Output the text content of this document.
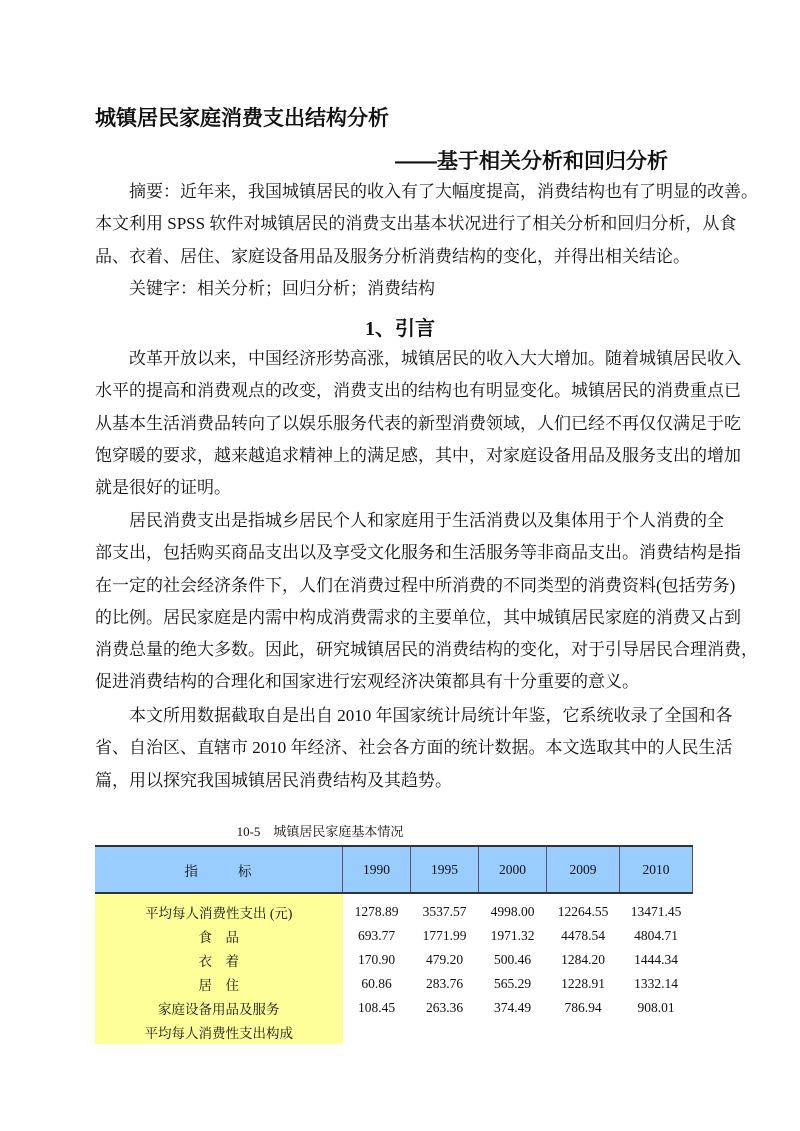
城镇居民家庭消费支出结构分析
——基于相关分析和回归分析
摘要：近年来，我国城镇居民的收入有了大幅度提高，消费结构也有了明显的改善。
本文利用 SPSS 软件对城镇居民的消费支出基本状况进行了相关分析和回归分析，从食
品、衣着、居住、家庭设备用品及服务分析消费结构的变化，并得出相关结论。
关键字：相关分析；回归分析；消费结构
1、引言
改革开放以来，中国经济形势高涨，城镇居民的收入大大增加。随着城镇居民收入
水平的提高和消费观点的改变，消费支出的结构也有明显变化。城镇居民的消费重点已
从基本生活消费品转向了以娱乐服务代表的新型消费领域，人们已经不再仅仅满足于吃
饱穿暖的要求，越来越追求精神上的满足感，其中，对家庭设备用品及服务支出的增加
就是很好的证明。
居民消费支出是指城乡居民个人和家庭用于生活消费以及集体用于个人消费的全
部支出，包括购买商品支出以及享受文化服务和生活服务等非商品支出。消费结构是指
在一定的社会经济条件下，人们在消费过程中所消费的不同类型的消费资料(包括劳务)
的比例。居民家庭是内需中构成消费需求的主要单位，其中城镇居民家庭的消费又占到
消费总量的绝大多数。因此，研究城镇居民的消费结构的变化，对于引导居民合理消费，
促进消费结构的合理化和国家进行宏观经济决策都具有十分重要的意义。
本文所用数据截取自是出自 2010 年国家统计局统计年鉴，它系统收录了全国和各
省、自治区、直辖市 2010 年经济、社会各方面的统计数据。本文选取其中的人民生活
篇，用以探究我国城镇居民消费结构及其趋势。
10-5　城镇居民家庭基本情况
指标	1990	1995	2000	2009	2010
平均每人消费性支出 (元)	1278.89	3537.57	4998.00	12264.55	13471.45
食　品	693.77	1771.99	1971.32	4478.54	4804.71
衣　着	170.90	479.20	500.46	1284.20	1444.34
居　住	60.86	283.76	565.29	1228.91	1332.14
家庭设备用品及服务	108.45	263.36	374.49	786.94	908.01
平均每人消费性支出构成					
